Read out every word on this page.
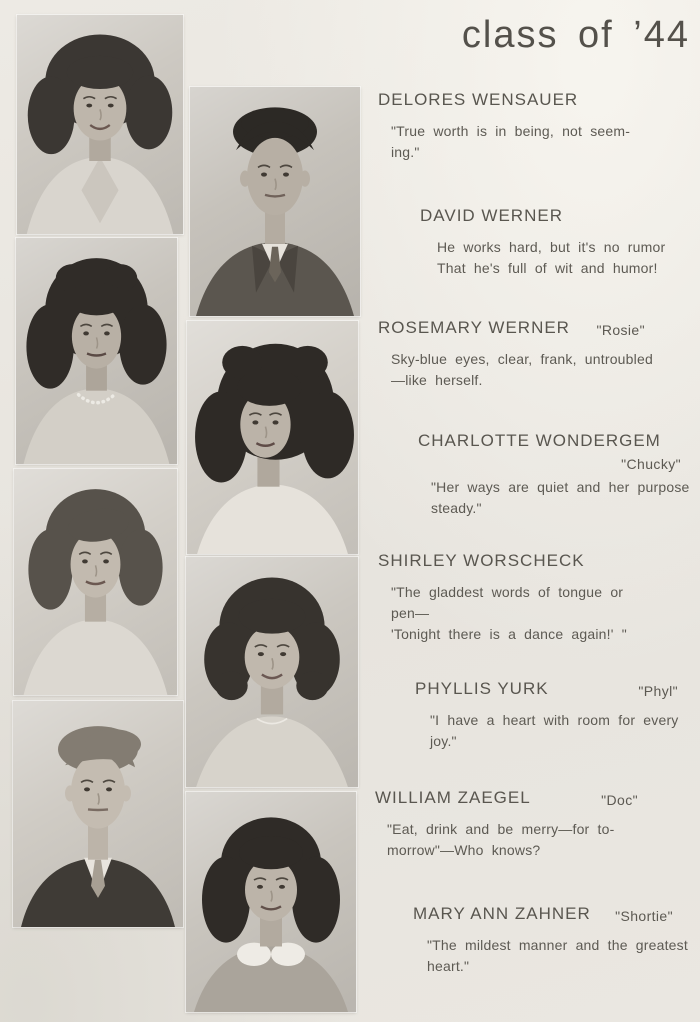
class of ’44
DELORES WENSAUER
"True worth is in being, not seem-
ing."
DAVID WERNER
He works hard, but it's no rumor
That he's full of wit and humor!
ROSEMARY WERNER "Rosie"
Sky-blue eyes, clear, frank, untroubled
—like herself.
CHARLOTTE WONDERGEM
"Chucky"
"Her ways are quiet and her purpose
steady."
SHIRLEY WORSCHECK
"The gladdest words of tongue or
pen—
'Tonight there is a dance again!' "
PHYLLIS YURK	"Phyl"
"I have a heart with room for every
joy."
WILLIAM ZAEGEL	"Doc"
"Eat, drink and be merry—for to-
morrow"—Who knows?
MARY ANN ZAHNER "Shortie"
"The mildest manner and the greatest
heart."
